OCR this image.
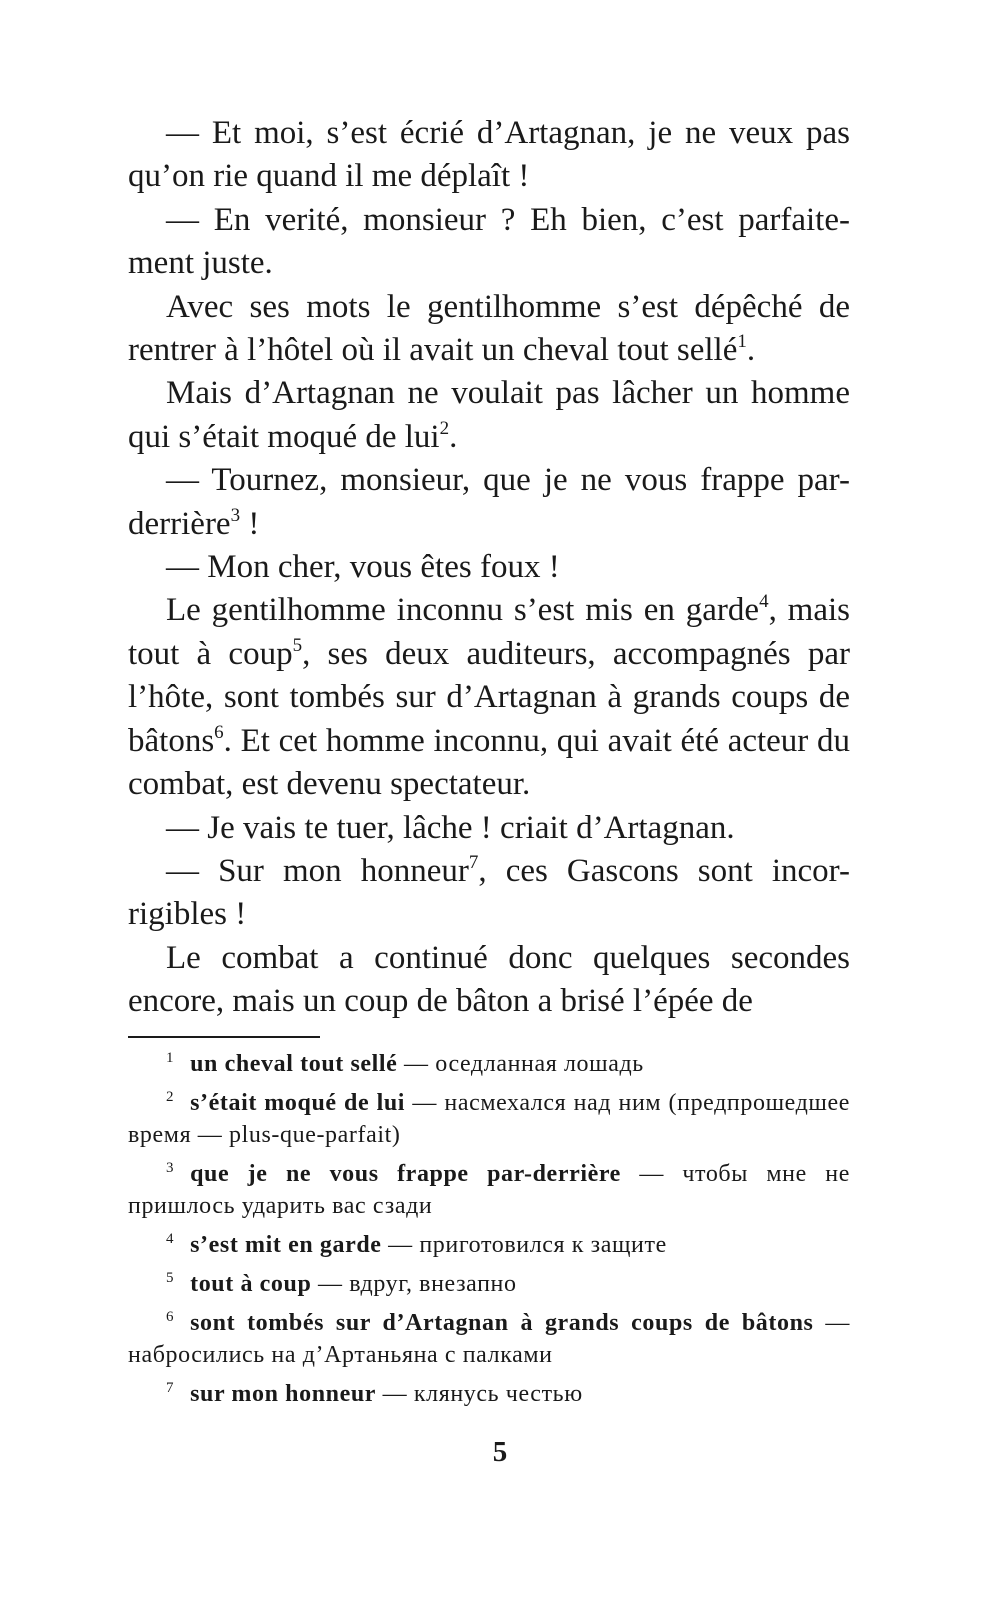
— Et moi, s’est écrié d’Artagnan, je ne veux pas qu’on rie quand il me déplaît !

— En verité, monsieur ? Eh bien, c’est parfaite-ment juste.

Avec ses mots le gentilhomme s’est dépêché de rentrer à l’hôtel où il avait un cheval tout sellé$^1$.

Mais d’Artagnan ne voulait pas lâcher un homme qui s’était moqué de lui$^2$.

— Tournez, monsieur, que je ne vous frappe par-derrière$^3$ !

— Mon cher, vous êtes foux !

Le gentilhomme inconnu s’est mis en garde$^4$, mais tout à coup$^5$, ses deux auditeurs, accompagnés par l’hôte, sont tombés sur d’Artagnan à grands coups de bâtons$^6$. Et cet homme inconnu, qui avait été acteur du combat, est devenu spectateur.

— Je vais te tuer, lâche ! criait d’Artagnan.

— Sur mon honneur$^7$, ces Gascons sont incor-rigibles !

Le combat a continué donc quelques secondes encore, mais un coup de bâton a brisé l’épée de

$^1$ un cheval tout sellé — оседланная лошадь

$^2$ s’était moqué de lui — насмехался над ним (предпрошедшее время — plus-que-parfait)

$^3$ que je ne vous frappe par-derrière — чтобы мне не пришлось ударить вас сзади

$^4$ s’est mit en garde — приготовился к защите

$^5$ tout à coup — вдруг, внезапно

$^6$ sont tombés sur d’Artagnan à grands coups de bâtons — набросились на д’Артаньяна с палками

$^7$ sur mon honneur — клянусь честью

5
